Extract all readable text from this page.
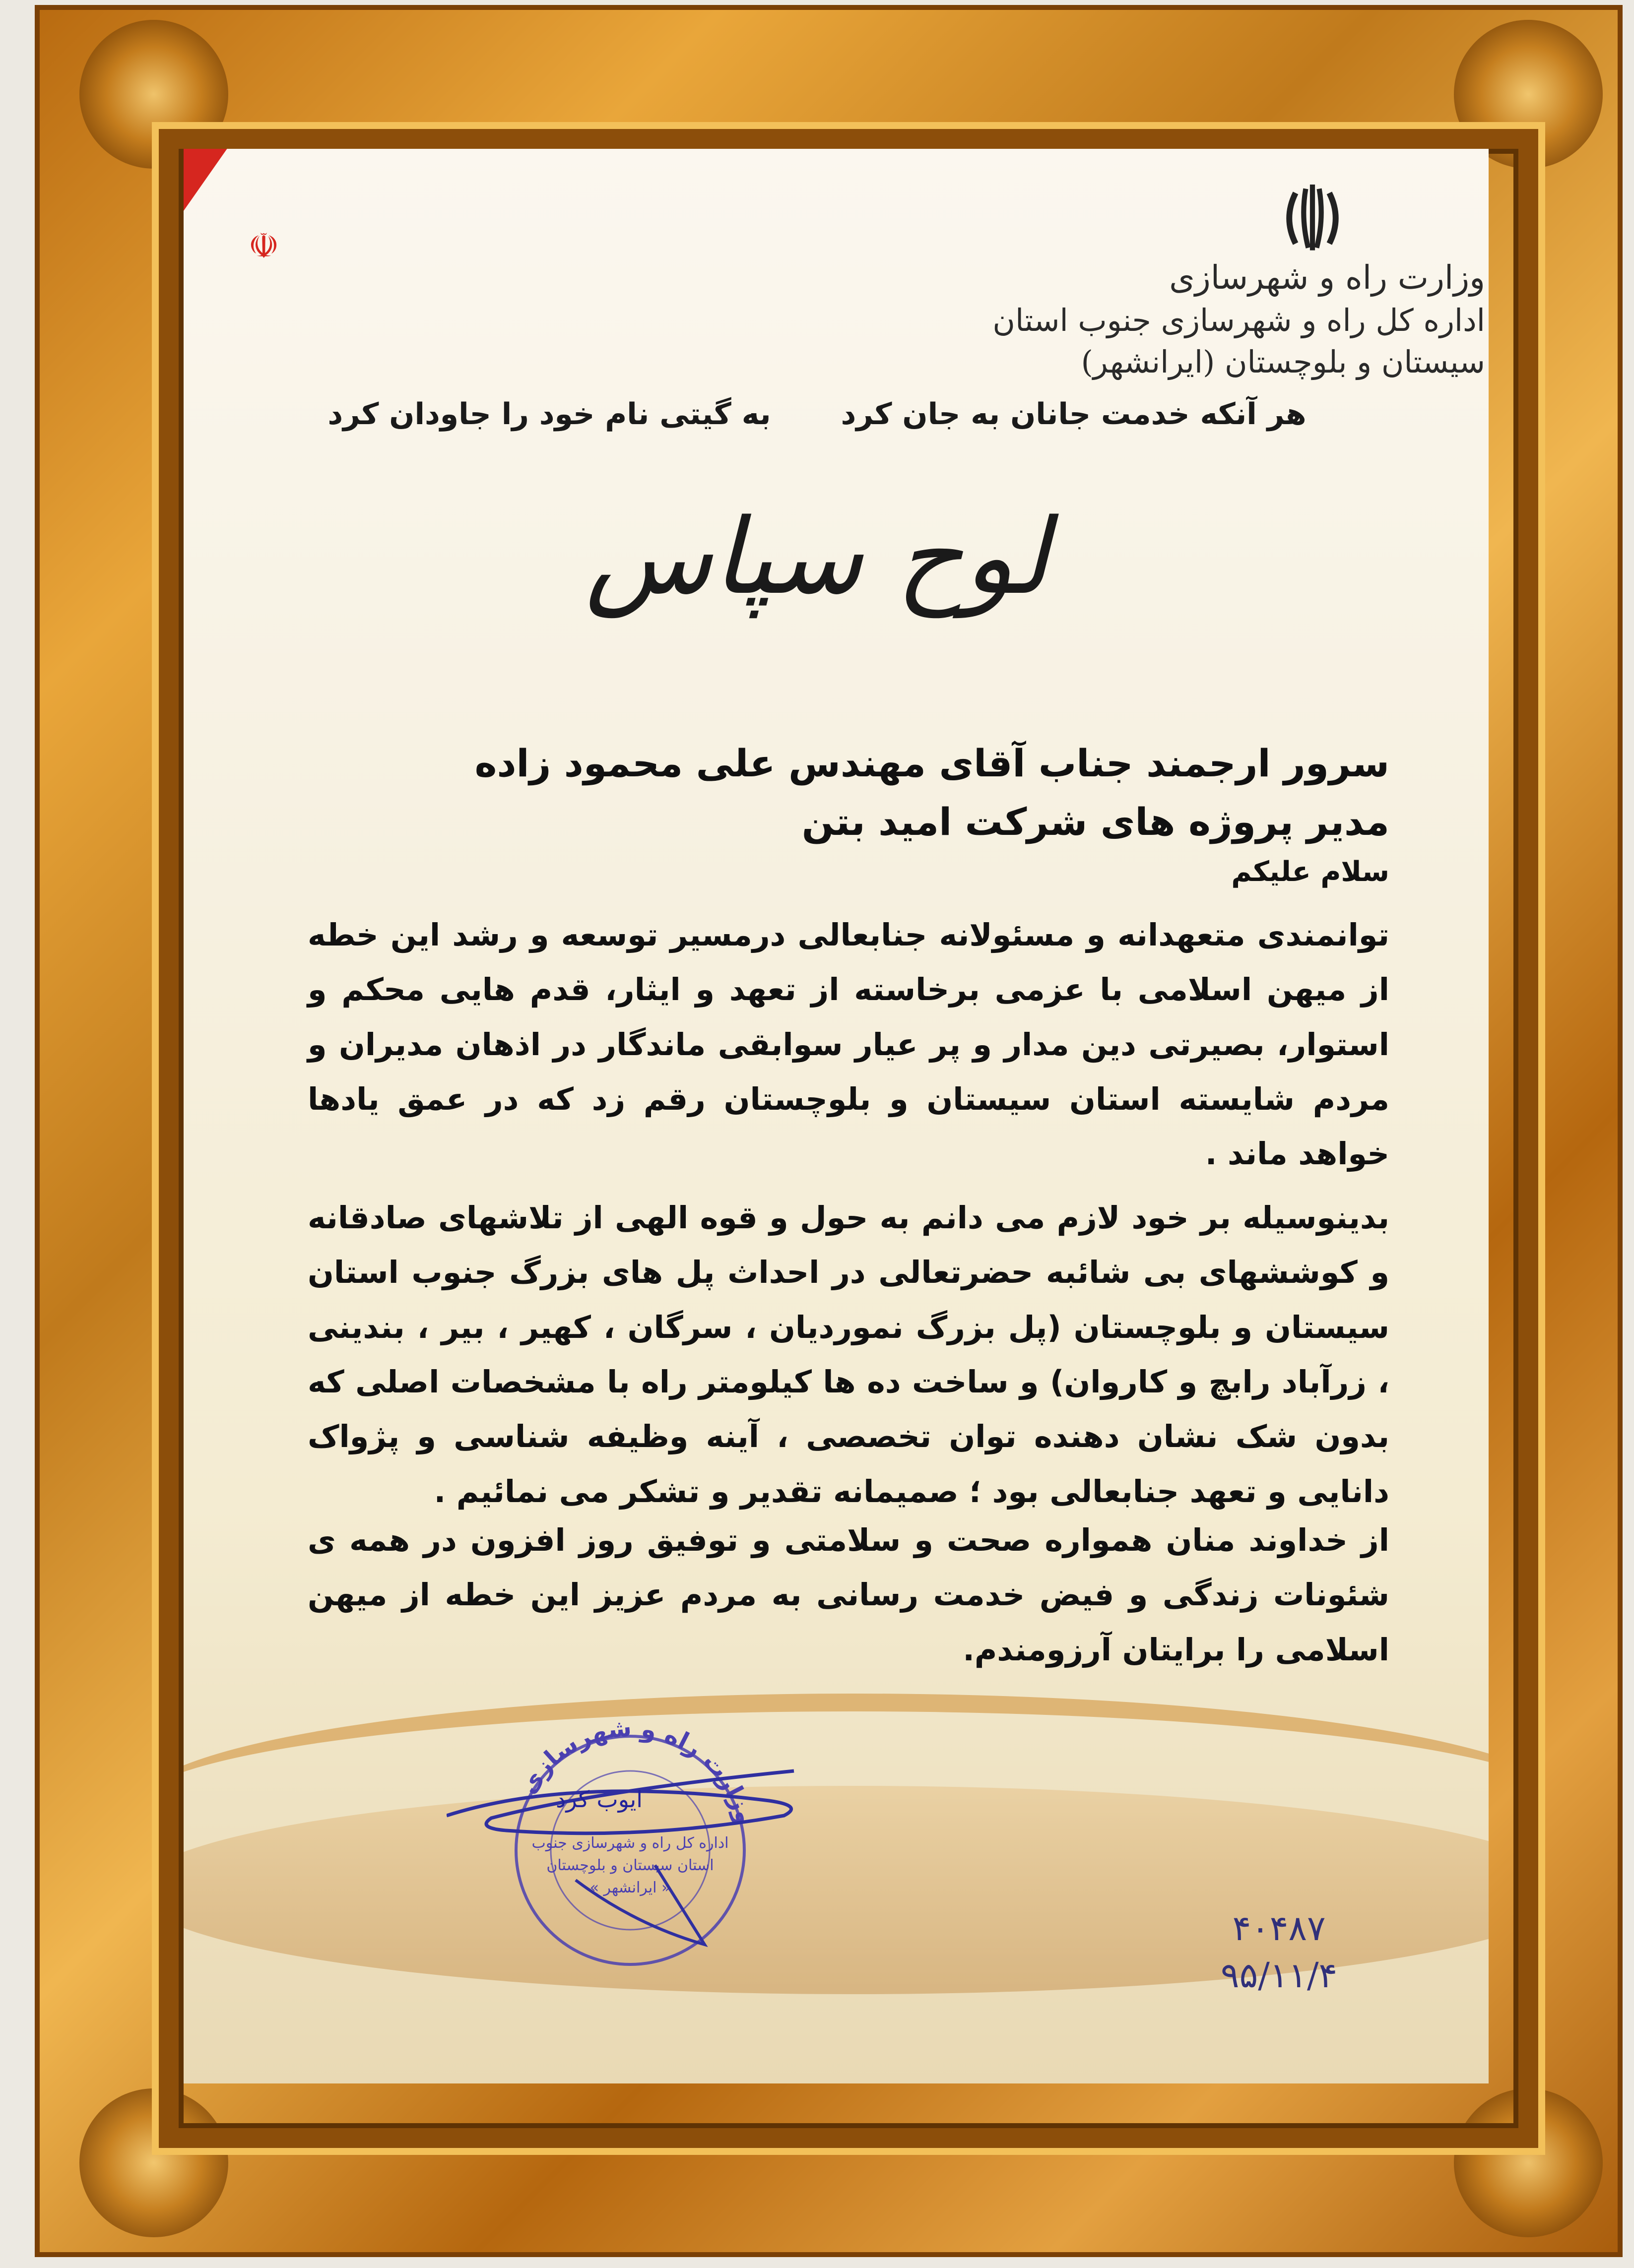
☫
وزارت راه و شهرسازی
اداره کل راه و شهرسازی جنوب استان
سیستان و بلوچستان (ایرانشهر)
هر آنکه خدمت جانان به جان کرد به گیتی نام خود را جاودان کرد
لوح سپاس
سرور ارجمند جناب آقای مهندس علی محمود زاده
مدیر پروژه های شرکت امید بتن
سلام علیکم
توانمندی متعهدانه و مسئولانه جنابعالی درمسیر توسعه و رشد این خطه از میهن اسلامی با عزمی برخاسته از تعهد و ایثار، قدم هایی محکم و استوار، بصیرتی دین مدار و پر عیار سوابقی ماندگار در اذهان مدیران و مردم شایسته استان سیستان و بلوچستان رقم زد که در عمق یادها خواهد ماند .
بدینوسیله بر خود لازم می دانم به حول و قوه الهی از تلاشهای صادقانه و کوششهای بی شائبه حضرتعالی در احداث پل های بزرگ جنوب استان سیستان و بلوچستان (پل بزرگ نموردیان ، سرگان ، کهیر ، بیر ، بندینی ، زرآباد رابچ و کاروان) و ساخت ده ها کیلومتر راه با مشخصات اصلی که بدون شک نشان دهنده توان تخصصی ، آینه وظیفه شناسی و پژواک دانایی و تعهد جنابعالی بود ؛ صمیمانه تقدیر و تشکر می نمائیم .
از خداوند منان همواره صحت و سلامتی و توفیق روز افزون در همه ی شئونات زندگی و فیض خدمت رسانی به مردم عزیز این خطه از میهن اسلامی را برایتان آرزومندم.
وزارت راه و شهرسازی
اداره کل راه و شهرسازی جنوب
استان سیستان و بلوچستان
« ایرانشهر »
ایوب کرد
۴۰۴۸۷
۹۵/۱۱/۴
